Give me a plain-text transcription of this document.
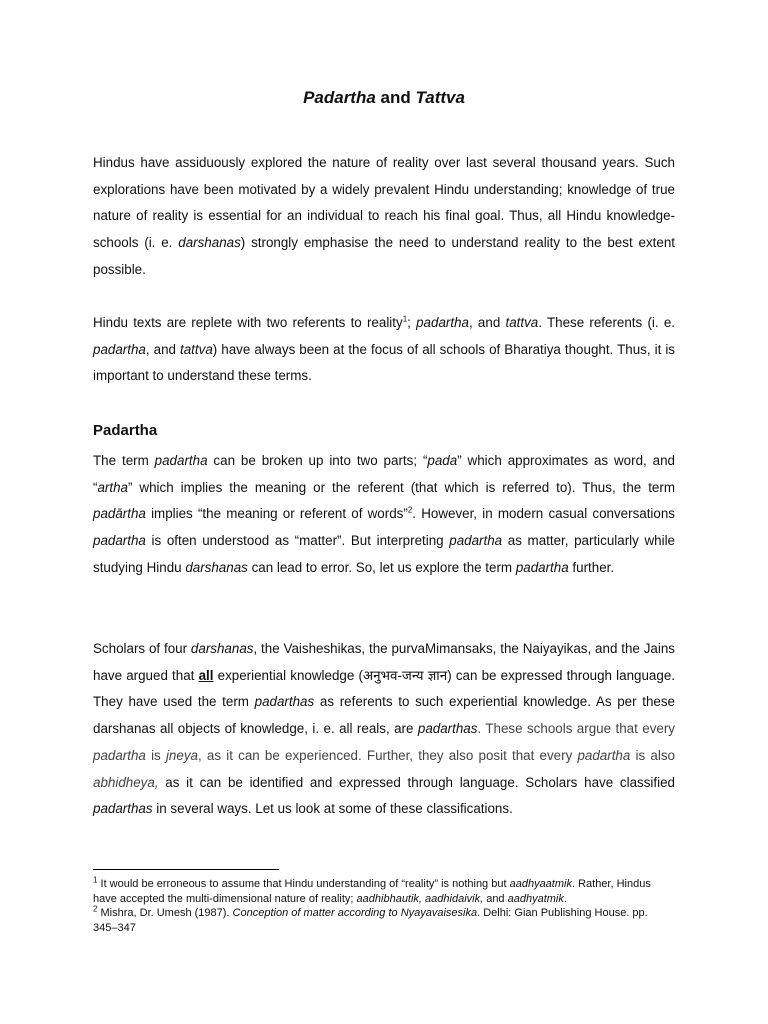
Padartha and Tattva
Hindus have assiduously explored the nature of reality over last several thousand years. Such explorations have been motivated by a widely prevalent Hindu understanding; knowledge of true nature of reality is essential for an individual to reach his final goal. Thus, all Hindu knowledge-schools (i. e. darshanas) strongly emphasise the need to understand reality to the best extent possible.
Hindu texts are replete with two referents to reality$^1$; padartha, and tattva. These referents (i. e. padartha, and tattva) have always been at the focus of all schools of Bharatiya thought. Thus, it is important to understand these terms.
Padartha
The term padartha can be broken up into two parts; “pada” which approximates as word, and “artha” which implies the meaning or the referent (that which is referred to). Thus, the term padārtha implies “the meaning or referent of words”$^2$. However, in modern casual conversations padartha is often understood as “matter”. But interpreting padartha as matter, particularly while studying Hindu darshanas can lead to error. So, let us explore the term padartha further.
Scholars of four darshanas, the Vaisheshikas, the purvaMimansaks, the Naiyayikas, and the Jains have argued that all experiential knowledge (अनुभव-जन्य ज्ञान) can be expressed through language. They have used the term padarthas as referents to such experiential knowledge. As per these darshanas all objects of knowledge, i. e. all reals, are padarthas. These schools argue that every padartha is jneya, as it can be experienced. Further, they also posit that every padartha is also abhidheya, as it can be identified and expressed through language. Scholars have classified padarthas in several ways. Let us look at some of these classifications.
$^1$ It would be erroneous to assume that Hindu understanding of “reality” is nothing but aadhyaatmik. Rather, Hindus have accepted the multi-dimensional nature of reality; aadhibhautik, aadhidaivik, and aadhyatmik.
$^2$ Mishra, Dr. Umesh (1987). Conception of matter according to Nyayavaisesika. Delhi: Gian Publishing House. pp. 345–347
